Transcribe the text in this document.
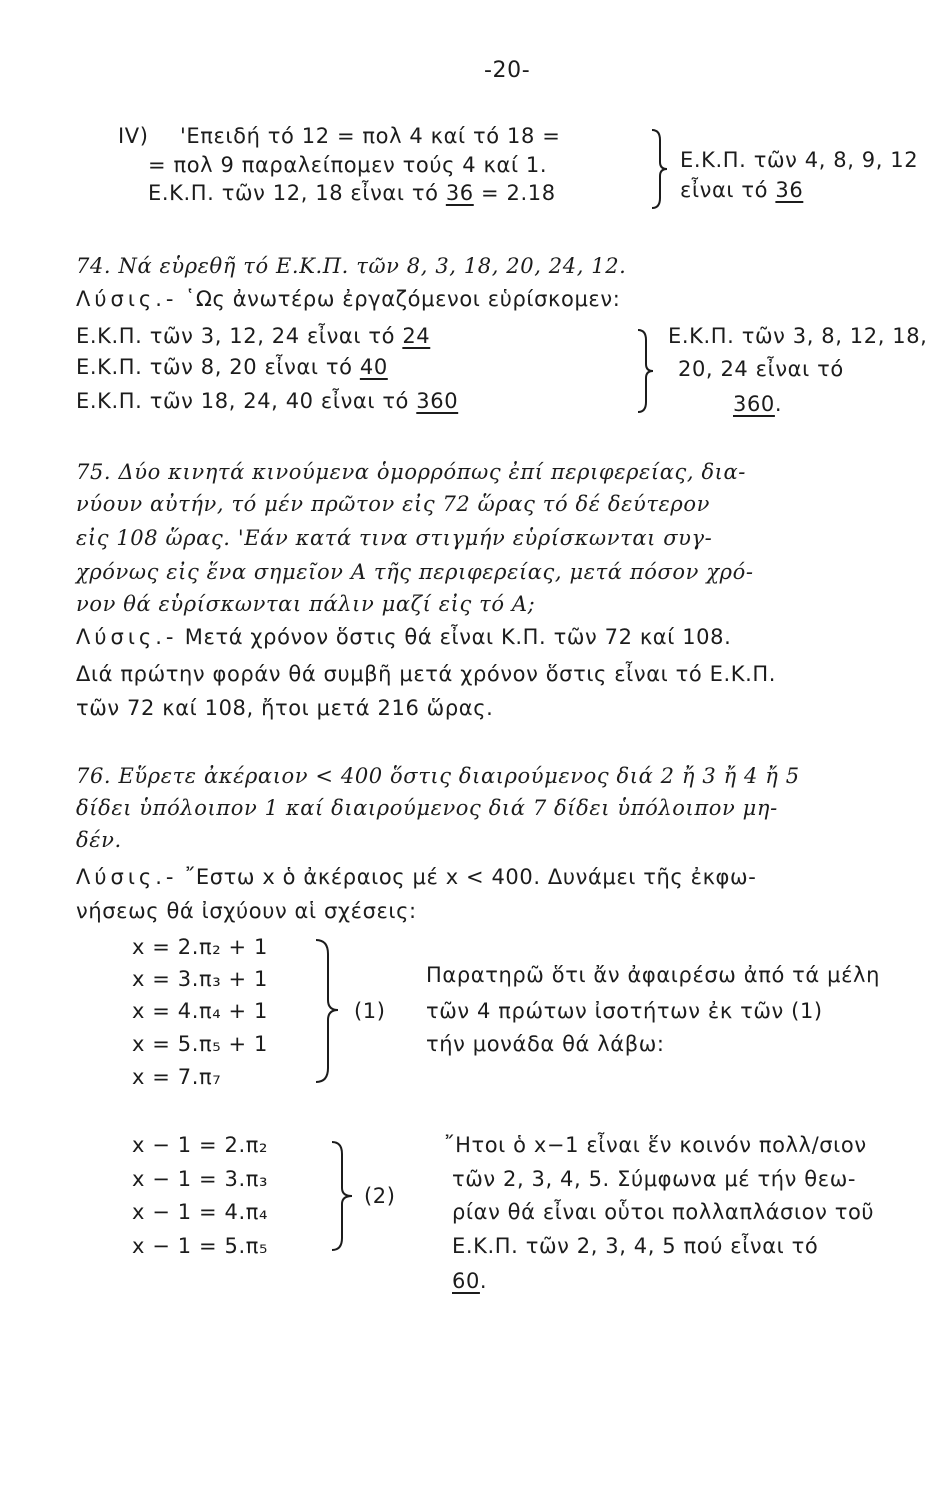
-20-
IV) 'Επειδή τό 12 = πολ 4 καί τό 18 =
= πολ 9 παραλείπομεν τούς 4 καί 1.
Ε.Κ.Π. τῶν 12, 18 εἶναι τό 36 = 2.18
Ε.Κ.Π. τῶν 4, 8, 9, 12
εἶναι τό 36
74. Νά εὑρεθῆ τό Ε.Κ.Π. τῶν 8, 3, 18, 20, 24, 12.
Λύσις.- ῾Ως ἀνωτέρω ἐργαζόμενοι εὑρίσκομεν:
Ε.Κ.Π. τῶν 3, 12, 24 εἶναι τό 24
Ε.Κ.Π. τῶν 8, 20 εἶναι τό 40
Ε.Κ.Π. τῶν 18, 24, 40 εἶναι τό 360
Ε.Κ.Π. τῶν 3, 8, 12, 18,
20, 24 εἶναι τό
360.
75. Δύο κινητά κινούμενα ὁμορρόπως ἐπί περιφερείας, δια-
νύουν αὐτήν, τό μέν πρῶτον εἰς 72 ὥρας τό δέ δεύτερον
εἰς 108 ὥρας. 'Εάν κατά τινα στιγμήν εὑρίσκωνται συγ-
χρόνως εἰς ἕνα σημεῖον Α τῆς περιφερείας, μετά πόσον χρό-
νον θά εὑρίσκωνται πάλιν μαζί εἰς τό Α;
Λύσις.- Μετά χρόνον ὅστις θά εἶναι Κ.Π. τῶν 72 καί 108.
Διά πρώτην φοράν θά συμβῆ μετά χρόνον ὅστις εἶναι τό Ε.Κ.Π.
τῶν 72 καί 108, ἤτοι μετά 216 ὥρας.
76. Εὕρετε ἀκέραιον < 400 ὅστις διαιρούμενος διά 2 ἤ 3 ἤ 4 ἤ 5
δίδει ὑπόλοιπον 1 καί διαιρούμενος διά 7 δίδει ὑπόλοιπον μη-
δέν.
Λύσις.- ῎Εστω x ὁ ἀκέραιος μέ x < 400. Δυνάμει τῆς ἐκφω-
νήσεως θά ἰσχύουν αἱ σχέσεις:
x = 2.π₂ + 1
x = 3.π₃ + 1
x = 4.π₄ + 1
x = 5.π₅ + 1
x = 7.π₇
(1)
Παρατηρῶ ὅτι ἄν ἀφαιρέσω ἀπό τά μέλη
τῶν 4 πρώτων ἰσοτήτων ἐκ τῶν (1)
τήν μονάδα θά λάβω:
x − 1 = 2.π₂
x − 1 = 3.π₃
x − 1 = 4.π₄
x − 1 = 5.π₅
(2)
῎Ητοι ὁ x−1 εἶναι ἕν κοινόν πολλ/σιον
τῶν 2, 3, 4, 5. Σύμφωνα μέ τήν θεω-
ρίαν θά εἶναι οὗτοι πολλαπλάσιον τοῦ
Ε.Κ.Π. τῶν 2, 3, 4, 5 πού εἶναι τό
60.
